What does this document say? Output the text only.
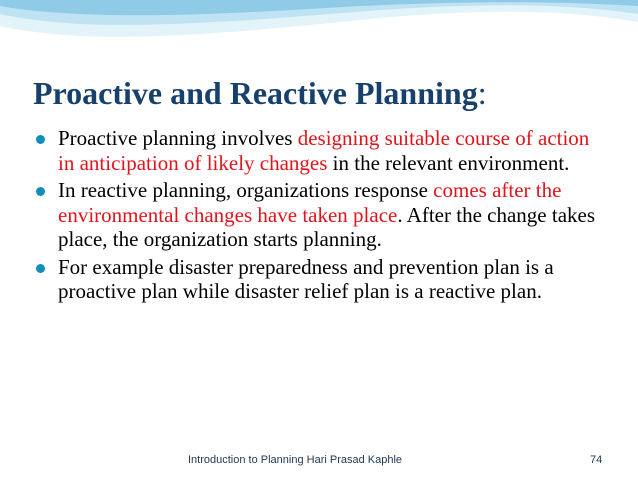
Proactive and Reactive Planning:
Proactive planning involves designing suitable course of action in anticipation of likely changes in the relevant environment.
In reactive planning, organizations response comes after the environmental changes have taken place. After the change takes place, the organization starts planning.
For example disaster preparedness and prevention plan is a proactive plan while disaster relief plan is a reactive plan.
Introduction to Planning Hari Prasad Kaphle	74
